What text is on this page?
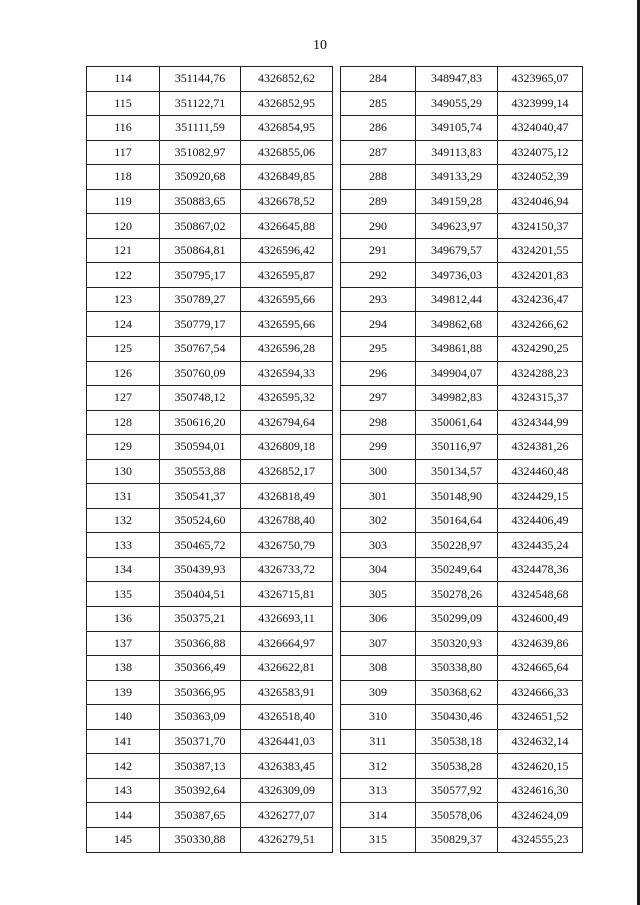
10
114	351144,76	4326852,62		284	348947,83	4323965,07
115	351122,71	4326852,95		285	349055,29	4323999,14
116	351111,59	4326854,95		286	349105,74	4324040,47
117	351082,97	4326855,06		287	349113,83	4324075,12
118	350920,68	4326849,85		288	349133,29	4324052,39
119	350883,65	4326678,52		289	349159,28	4324046,94
120	350867,02	4326645,88		290	349623,97	4324150,37
121	350864,81	4326596,42		291	349679,57	4324201,55
122	350795,17	4326595,87		292	349736,03	4324201,83
123	350789,27	4326595,66		293	349812,44	4324236,47
124	350779,17	4326595,66		294	349862,68	4324266,62
125	350767,54	4326596,28		295	349861,88	4324290,25
126	350760,09	4326594,33		296	349904,07	4324288,23
127	350748,12	4326595,32		297	349982,83	4324315,37
128	350616,20	4326794,64		298	350061,64	4324344,99
129	350594,01	4326809,18		299	350116,97	4324381,26
130	350553,88	4326852,17		300	350134,57	4324460,48
131	350541,37	4326818,49		301	350148,90	4324429,15
132	350524,60	4326788,40		302	350164,64	4324406,49
133	350465,72	4326750,79		303	350228,97	4324435,24
134	350439,93	4326733,72		304	350249,64	4324478,36
135	350404,51	4326715,81		305	350278,26	4324548,68
136	350375,21	4326693,11		306	350299,09	4324600,49
137	350366,88	4326664,97		307	350320,93	4324639,86
138	350366,49	4326622,81		308	350338,80	4324665,64
139	350366,95	4326583,91		309	350368,62	4324666,33
140	350363,09	4326518,40		310	350430,46	4324651,52
141	350371,70	4326441,03		311	350538,18	4324632,14
142	350387,13	4326383,45		312	350538,28	4324620,15
143	350392,64	4326309,09		313	350577,92	4324616,30
144	350387,65	4326277,07		314	350578,06	4324624,09
145	350330,88	4326279,51		315	350829,37	4324555,23
